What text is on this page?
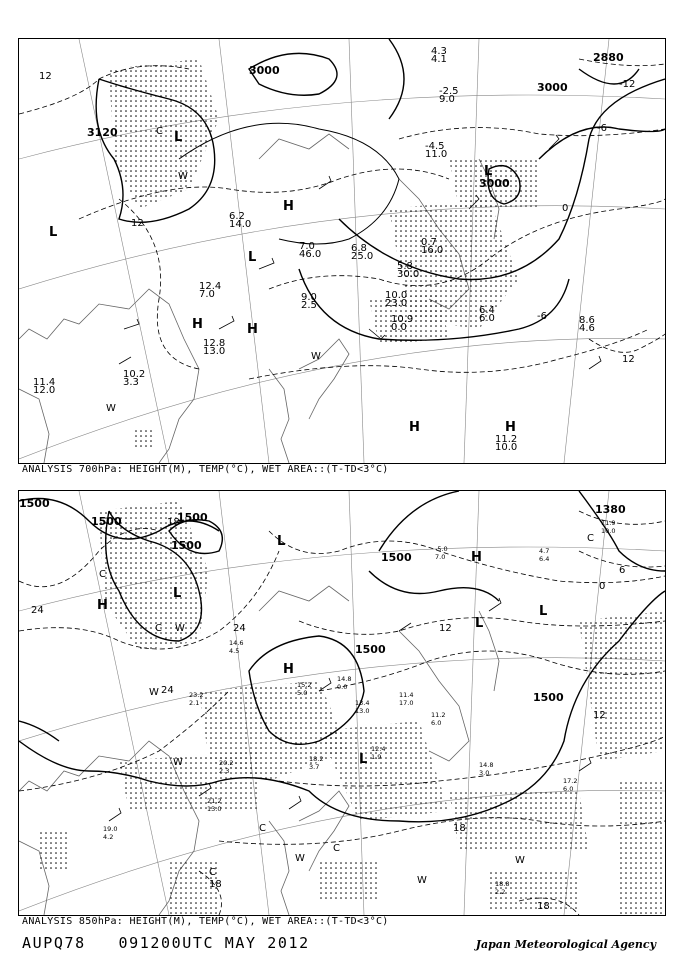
4.3
4.1
-2.5
9.0
-4.5
11.0
6.2
14.0
7.0
46.0
6.8
25.0
10.0
23.0
10.9
0.0
8.6
4.6
11.2
10.0
11.4
12.0
10.2
3.3
12.4
7.0
12.8
13.0
9.0
2.5	6.4
6.0
0.7
16.0
5.8
30.0
3000
3000
3120
3000
2880
12
12
0
-6
-12
-6
12
L
L
L
L
H
H
H	H
H
W
W
W
C
ANALYSIS 700hPa: HEIGHT(M), TEMP(°C), WET AREA::(T-TD<3°C)
-5.0
7.0
4.7
6.4
11.9
10.0
14.6
4.5
15.2
5.0
14.8
0.0
13.4
13.0
11.4
17.0
11.2
6.0
14.8
3.0
17.2
6.0
18.2
3.7
21.2
13.0
19.0
4.2
18.8
2.2
20.2
2.3
23.2
2.1
12.4
1.9
1500
1500	1500
1500
1500
1500
1500
1380
24
24
18
18
12
18
18
6
0
12
24
L
L
L
L
L
H
H
H
W
W
W
W
W
W
C
C
C
C
C
C
ANALYSIS 850hPa: HEIGHT(M), TEMP(°C), WET AREA::(T-TD<3°C)
AUPQ78 091200UTC MAY 2012	Japan Meteorological Agency
